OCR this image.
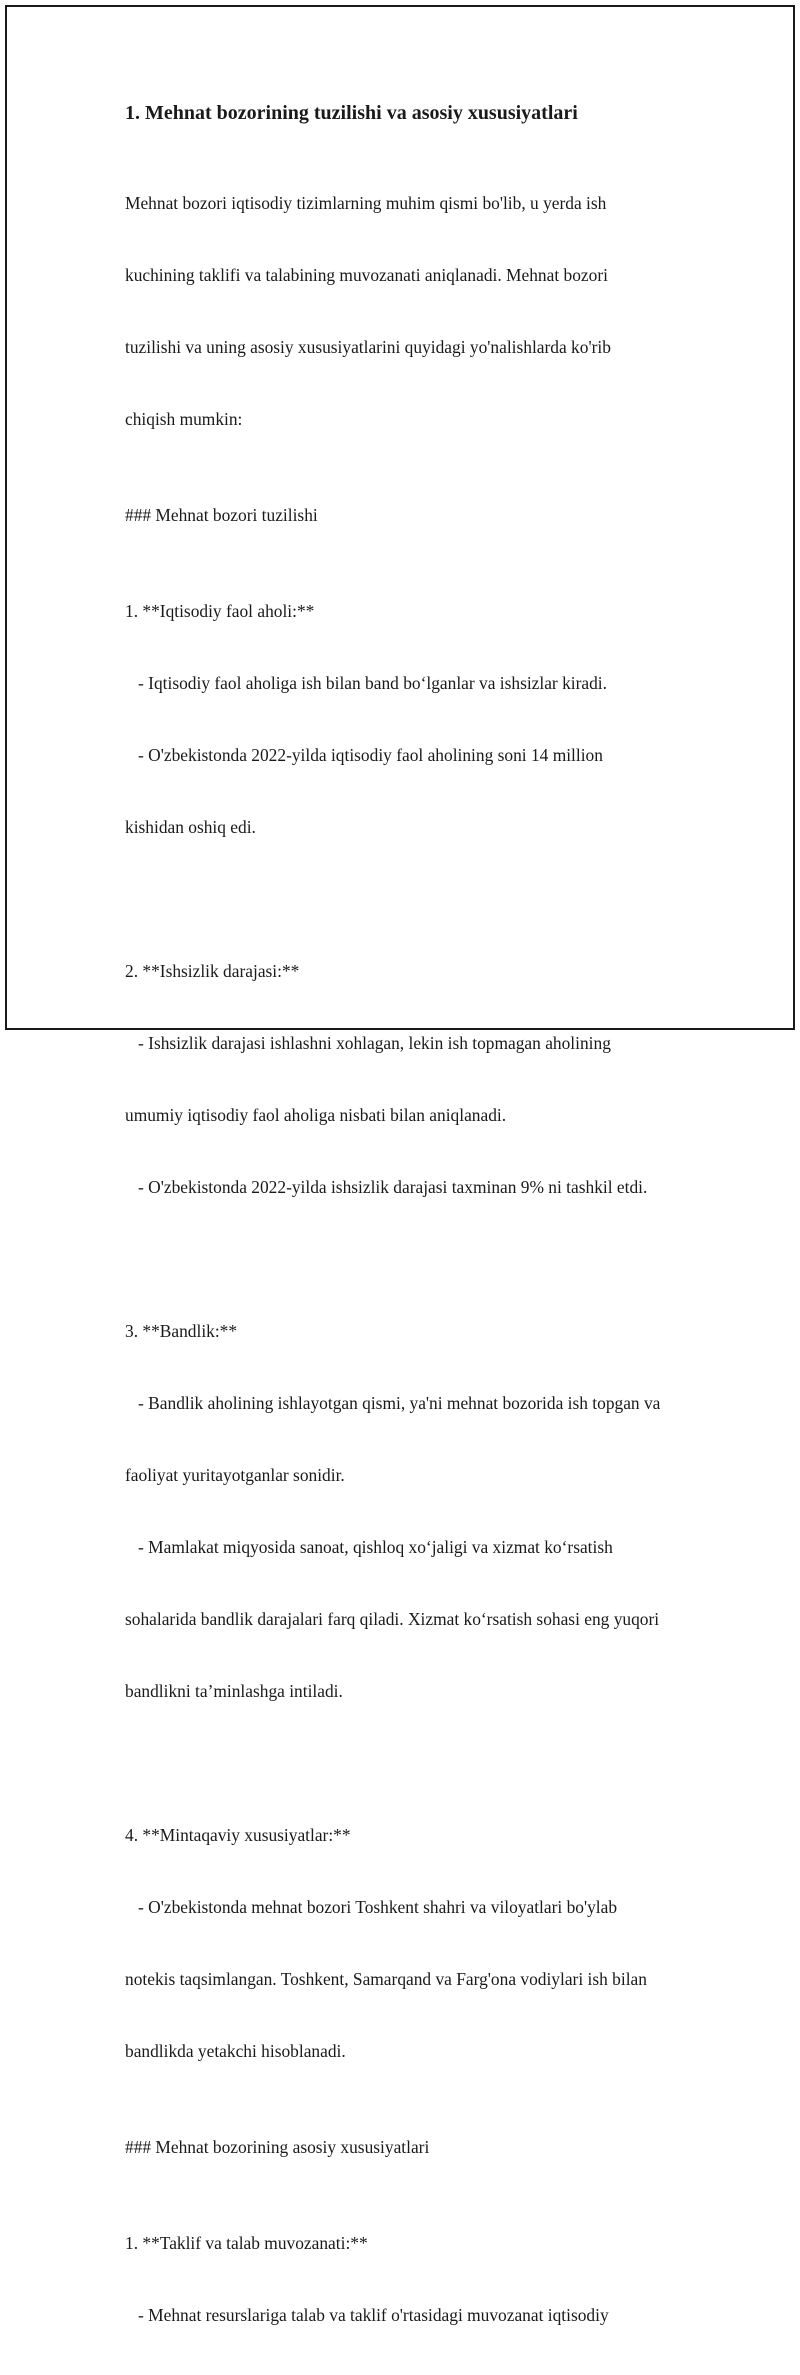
1. Mehnat bozorining tuzilishi va asosiy xususiyatlari

Mehnat bozori iqtisodiy tizimlarning muhim qismi bo'lib, u yerda ish

kuchining taklifi va talabining muvozanati aniqlanadi. Mehnat bozori

tuzilishi va uning asosiy xususiyatlarini quyidagi yo'nalishlarda ko'rib

chiqish mumkin:

### Mehnat bozori tuzilishi

1. **Iqtisodiy faol aholi:**

- Iqtisodiy faol aholiga ish bilan band boʻlganlar va ishsizlar kiradi.

- O'zbekistonda 2022-yilda iqtisodiy faol aholining soni 14 million

kishidan oshiq edi.

2. **Ishsizlik darajasi:**

- Ishsizlik darajasi ishlashni xohlagan, lekin ish topmagan aholining

umumiy iqtisodiy faol aholiga nisbati bilan aniqlanadi.

- O'zbekistonda 2022-yilda ishsizlik darajasi taxminan 9% ni tashkil etdi.

3. **Bandlik:**

- Bandlik aholining ishlayotgan qismi, ya'ni mehnat bozorida ish topgan va

faoliyat yuritayotganlar sonidir.

- Mamlakat miqyosida sanoat, qishloq xoʻjaligi va xizmat koʻrsatish

sohalarida bandlik darajalari farq qiladi. Xizmat koʻrsatish sohasi eng yuqori

bandlikni taʼminlashga intiladi.

4. **Mintaqaviy xususiyatlar:**

- O'zbekistonda mehnat bozori Toshkent shahri va viloyatlari bo'ylab

notekis taqsimlangan. Toshkent, Samarqand va Farg'ona vodiylari ish bilan

bandlikda yetakchi hisoblanadi.

### Mehnat bozorining asosiy xususiyatlari

1. **Taklif va talab muvozanati:**

- Mehnat resurslariga talab va taklif o'rtasidagi muvozanat iqtisodiy
